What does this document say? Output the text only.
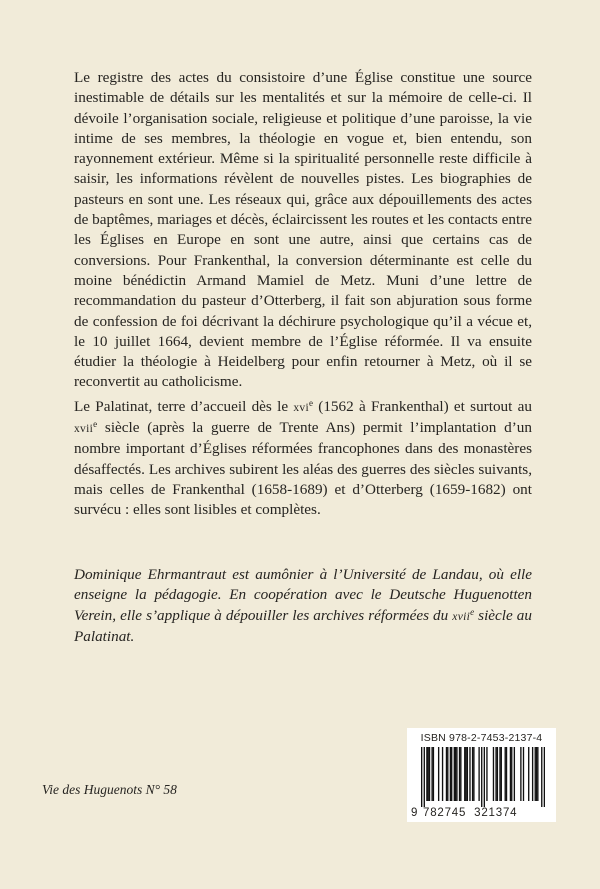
Le registre des actes du consistoire d’une Église constitue une source inestimable de détails sur les mentalités et sur la mémoire de celle-ci. Il dévoile l’organisation sociale, religieuse et politique d’une paroisse, la vie intime de ses membres, la théologie en vogue et, bien entendu, son rayonnement extérieur. Même si la spiritualité personnelle reste difficile à saisir, les informations révèlent de nouvelles pistes. Les biographies de pasteurs en sont une. Les réseaux qui, grâce aux dépouillements des actes de baptêmes, mariages et décès, éclaircissent les routes et les contacts entre les Églises en Europe en sont une autre, ainsi que certains cas de conversions. Pour Frankenthal, la conversion déterminante est celle du moine bénédictin Armand Mamiel de Metz. Muni d’une lettre de recommandation du pasteur d’Otterberg, il fait son abjuration sous forme de confession de foi décrivant la déchirure psychologique qu’il a vécue et, le 10 juillet 1664, devient membre de l’Église réformée. Il va ensuite étudier la théologie à Heidelberg pour enfin retourner à Metz, où il se reconvertit au catholicisme.

Le Palatinat, terre d’accueil dès le xvi$^e$ (1562 à Frankenthal) et surtout au xvii$^e$ siècle (après la guerre de Trente Ans) permit l’implantation d’un nombre important d’Églises réformées francophones dans des monastères désaffectés. Les archives subirent les aléas des guerres des siècles suivants, mais celles de Frankenthal (1658-1689) et d’Otterberg (1659-1682) ont survécu : elles sont lisibles et complètes.

Dominique Ehrmantraut est aumônier à l’Université de Landau, où elle enseigne la pédagogie. En coopération avec le Deutsche Huguenotten Verein, elle s’applique à dépouiller les archives réformées du xvii$^e$ siècle au Palatinat.
Vie des Huguenots N° 58
ISBN 978-2-7453-2137-4
9 782745  321374
